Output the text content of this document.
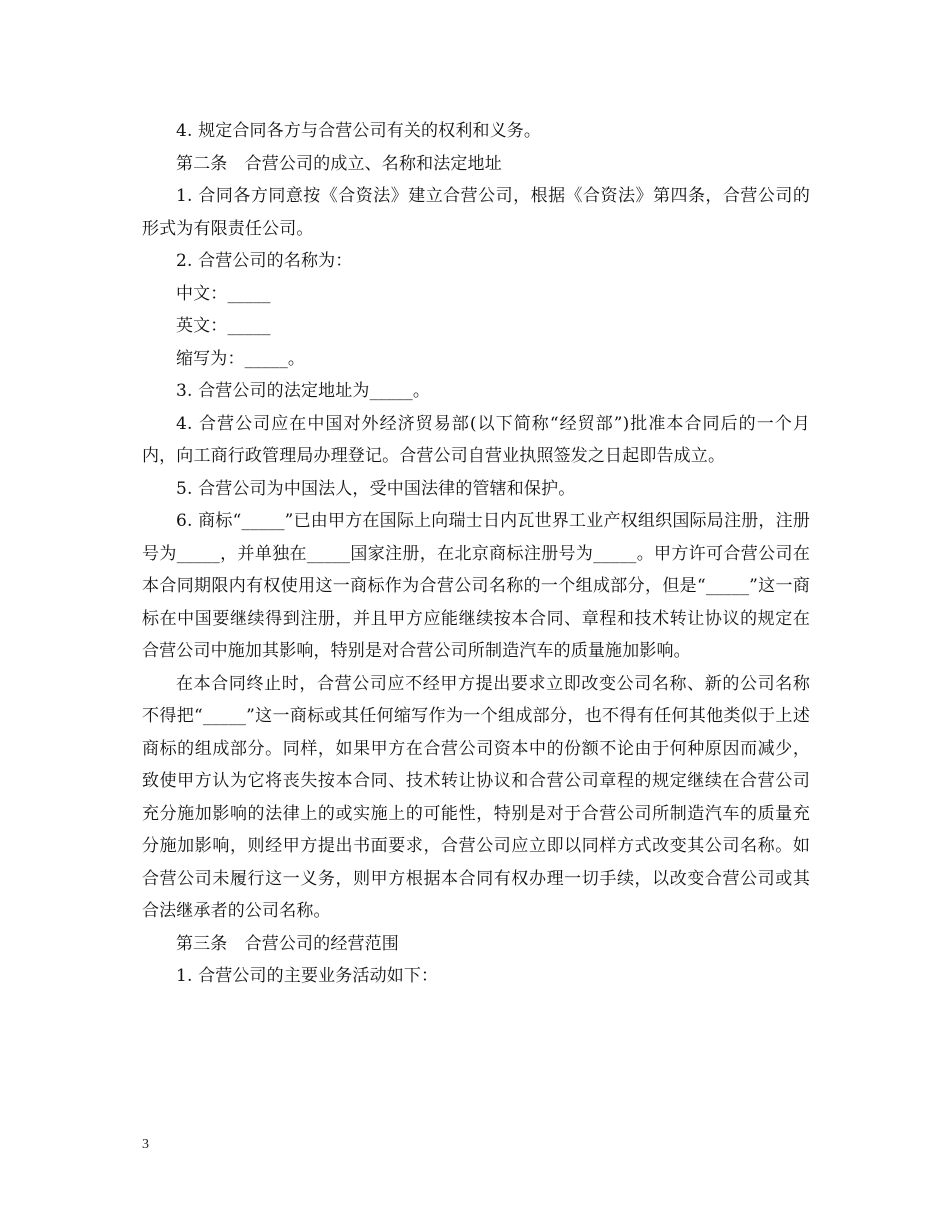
4. 规定合同各方与合营公司有关的权利和义务。

第二条　合营公司的成立、名称和法定地址

1. 合同各方同意按《合资法》建立合营公司，根据《合资法》第四条，合营公司的形式为有限责任公司。

2. 合营公司的名称为：

中文：_____

英文：_____

缩写为：_____。

3. 合营公司的法定地址为_____。

4. 合营公司应在中国对外经济贸易部(以下简称“经贸部”)批准本合同后的一个月内，向工商行政管理局办理登记。合营公司自营业执照签发之日起即告成立。

5. 合营公司为中国法人，受中国法律的管辖和保护。

6. 商标“_____”已由甲方在国际上向瑞士日内瓦世界工业产权组织国际局注册，注册号为_____，并单独在_____国家注册，在北京商标注册号为_____。甲方许可合营公司在本合同期限内有权使用这一商标作为合营公司名称的一个组成部分，但是“_____”这一商标在中国要继续得到注册，并且甲方应能继续按本合同、章程和技术转让协议的规定在合营公司中施加其影响，特别是对合营公司所制造汽车的质量施加影响。

在本合同终止时，合营公司应不经甲方提出要求立即改变公司名称、新的公司名称不得把“_____”这一商标或其任何缩写作为一个组成部分，也不得有任何其他类似于上述商标的组成部分。同样，如果甲方在合营公司资本中的份额不论由于何种原因而减少，致使甲方认为它将丧失按本合同、技术转让协议和合营公司章程的规定继续在合营公司充分施加影响的法律上的或实施上的可能性，特别是对于合营公司所制造汽车的质量充分施加影响，则经甲方提出书面要求，合营公司应立即以同样方式改变其公司名称。如合营公司未履行这一义务，则甲方根据本合同有权办理一切手续，以改变合营公司或其合法继承者的公司名称。

第三条　合营公司的经营范围

1. 合营公司的主要业务活动如下：

3
